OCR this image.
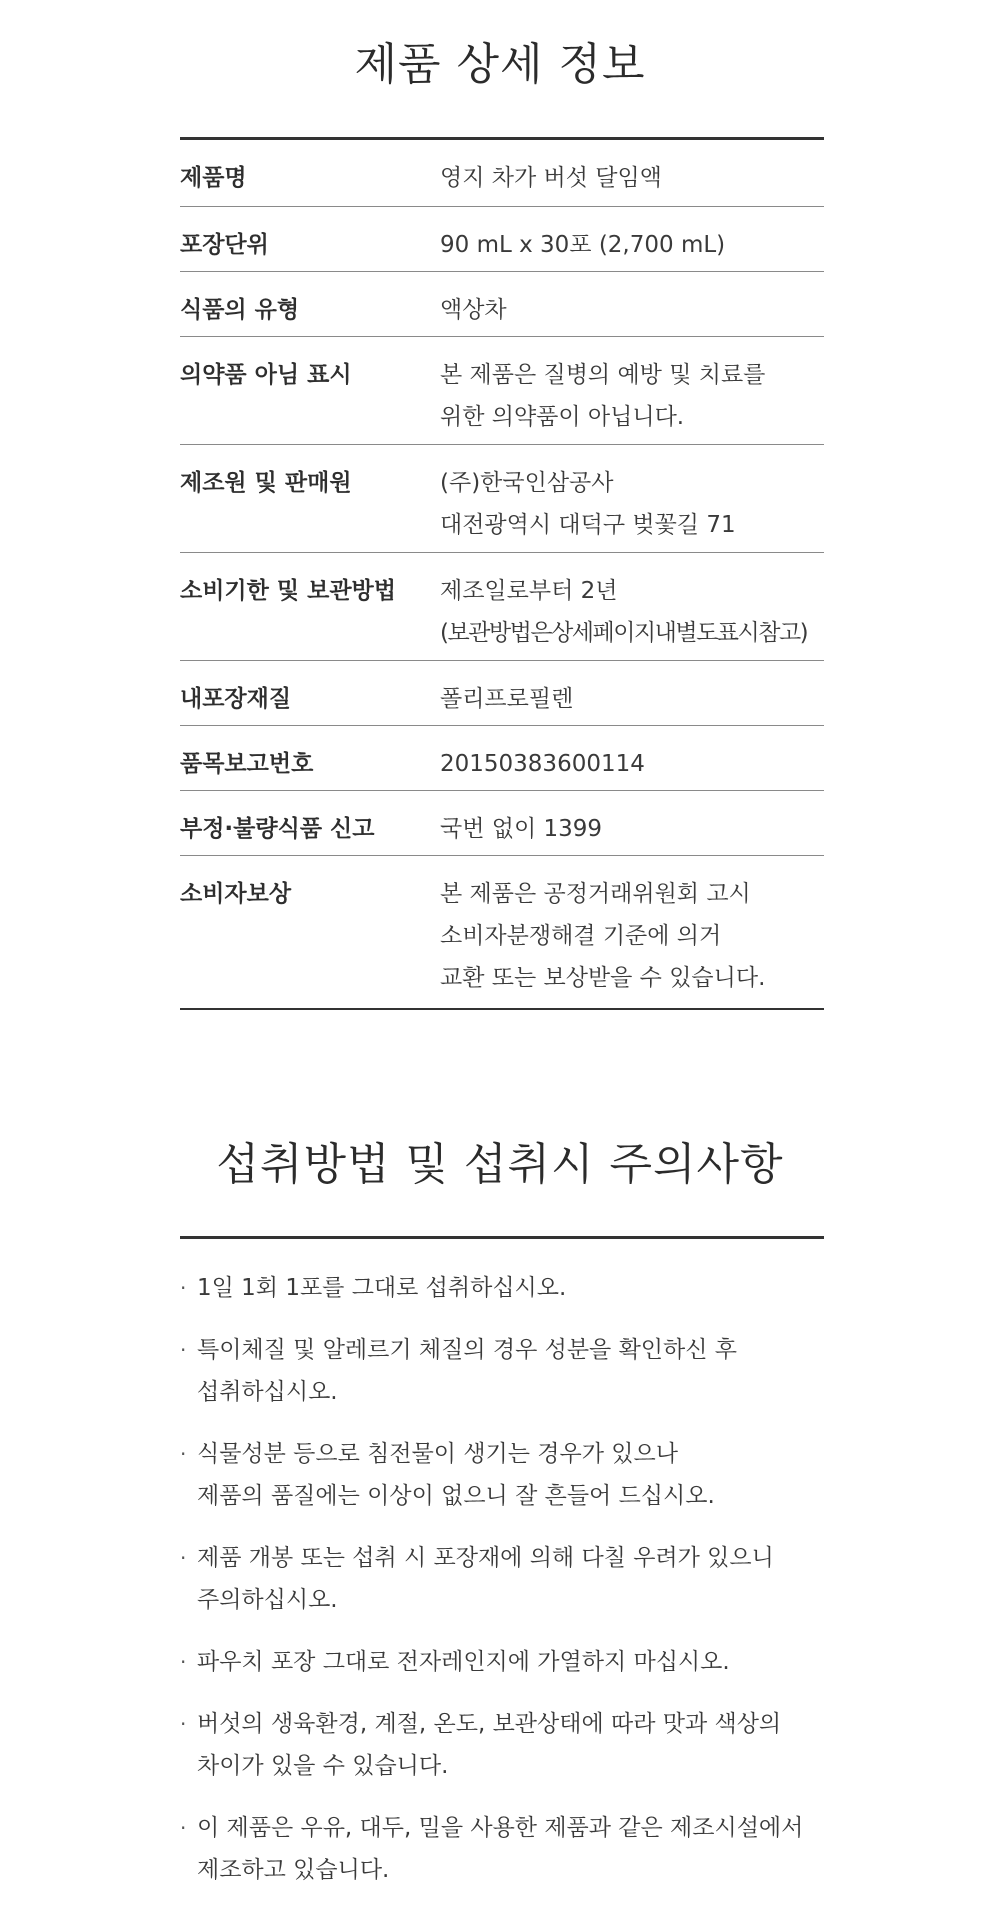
제품 상세 정보
제품명	영지 차가 버섯 달임액
포장단위	90 mL x 30포 (2,700 mL)
식품의 유형	액상차
의약품 아님 표시	본 제품은 질병의 예방 및 치료를
위한 의약품이 아닙니다.
제조원 및 판매원	(주)한국인삼공사
대전광역시 대덕구 벚꽃길 71
소비기한 및 보관방법	제조일로부터 2년
(보관방법은상세페이지내별도표시참고)
내포장재질	폴리프로필렌
품목보고번호	20150383600114
부정·불량식품 신고	국번 없이 1399
소비자보상	본 제품은 공정거래위원회 고시
소비자분쟁해결 기준에 의거
교환 또는 보상받을 수 있습니다.
섭취방법 및 섭취시 주의사항
· 1일 1회 1포를 그대로 섭취하십시오.
· 특이체질 및 알레르기 체질의 경우 성분을 확인하신 후
섭취하십시오.
· 식물성분 등으로 침전물이 생기는 경우가 있으나
제품의 품질에는 이상이 없으니 잘 흔들어 드십시오.
· 제품 개봉 또는 섭취 시 포장재에 의해 다칠 우려가 있으니
주의하십시오.
· 파우치 포장 그대로 전자레인지에 가열하지 마십시오.
· 버섯의 생육환경, 계절, 온도, 보관상태에 따라 맛과 색상의
차이가 있을 수 있습니다.
· 이 제품은 우유, 대두, 밀을 사용한 제품과 같은 제조시설에서
제조하고 있습니다.
